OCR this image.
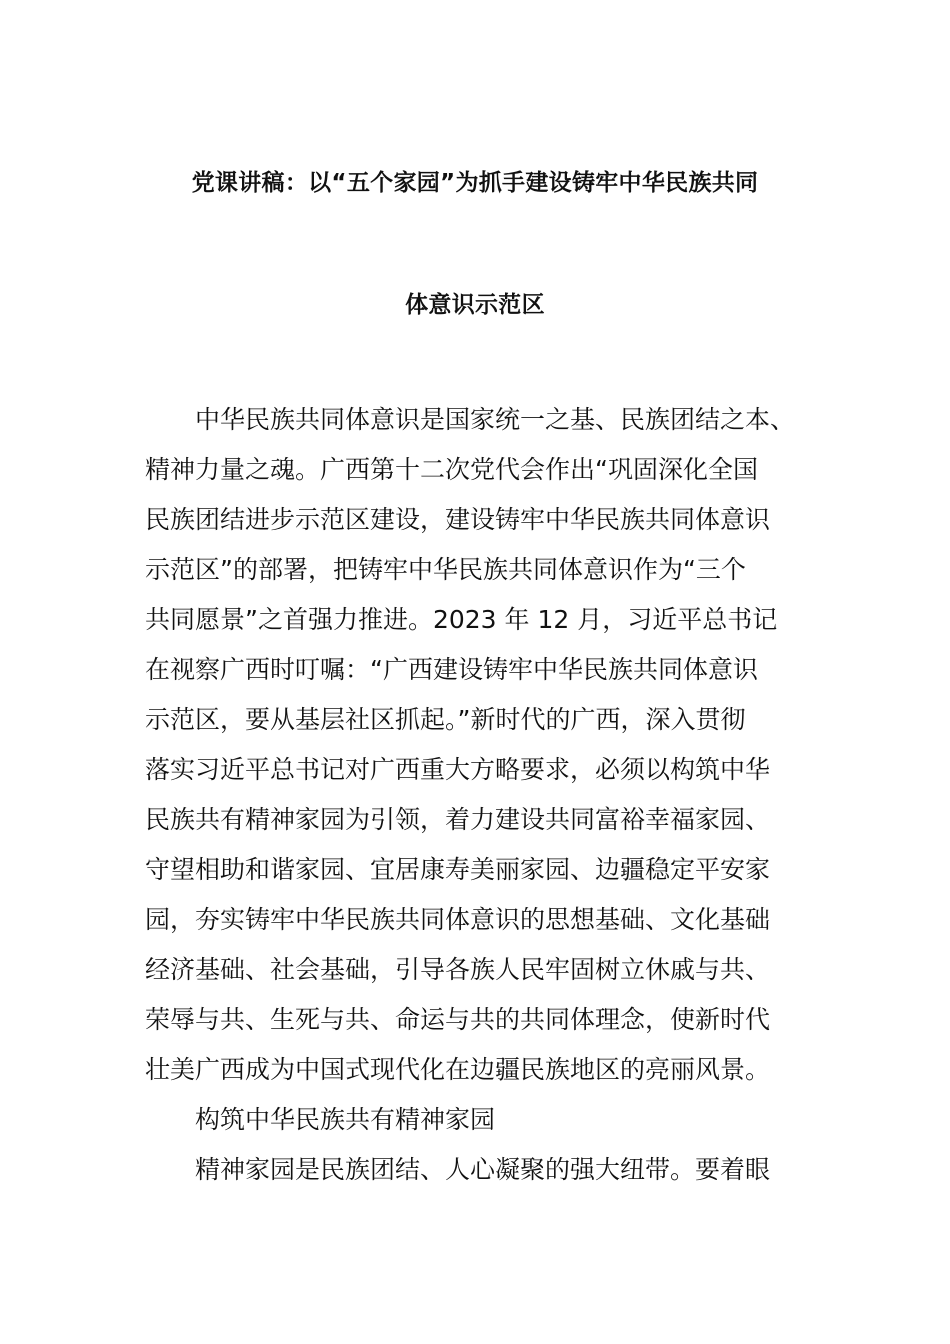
党课讲稿：以“五个家园”为抓手建设铸牢中华民族共同
体意识示范区
中华民族共同体意识是国家统一之基、民族团结之本、
精神力量之魂。广西第十二次党代会作出“巩固深化全国
民族团结进步示范区建设，建设铸牢中华民族共同体意识
示范区”的部署，把铸牢中华民族共同体意识作为“三个
共同愿景”之首强力推进。2023 年 12 月，习近平总书记
在视察广西时叮嘱：“广西建设铸牢中华民族共同体意识
示范区，要从基层社区抓起。”新时代的广西，深入贯彻
落实习近平总书记对广西重大方略要求，必须以构筑中华
民族共有精神家园为引领，着力建设共同富裕幸福家园、
守望相助和谐家园、宜居康寿美丽家园、边疆稳定平安家
园，夯实铸牢中华民族共同体意识的思想基础、文化基础
经济基础、社会基础，引导各族人民牢固树立休戚与共、
荣辱与共、生死与共、命运与共的共同体理念，使新时代
壮美广西成为中国式现代化在边疆民族地区的亮丽风景。
构筑中华民族共有精神家园
精神家园是民族团结、人心凝聚的强大纽带。要着眼
